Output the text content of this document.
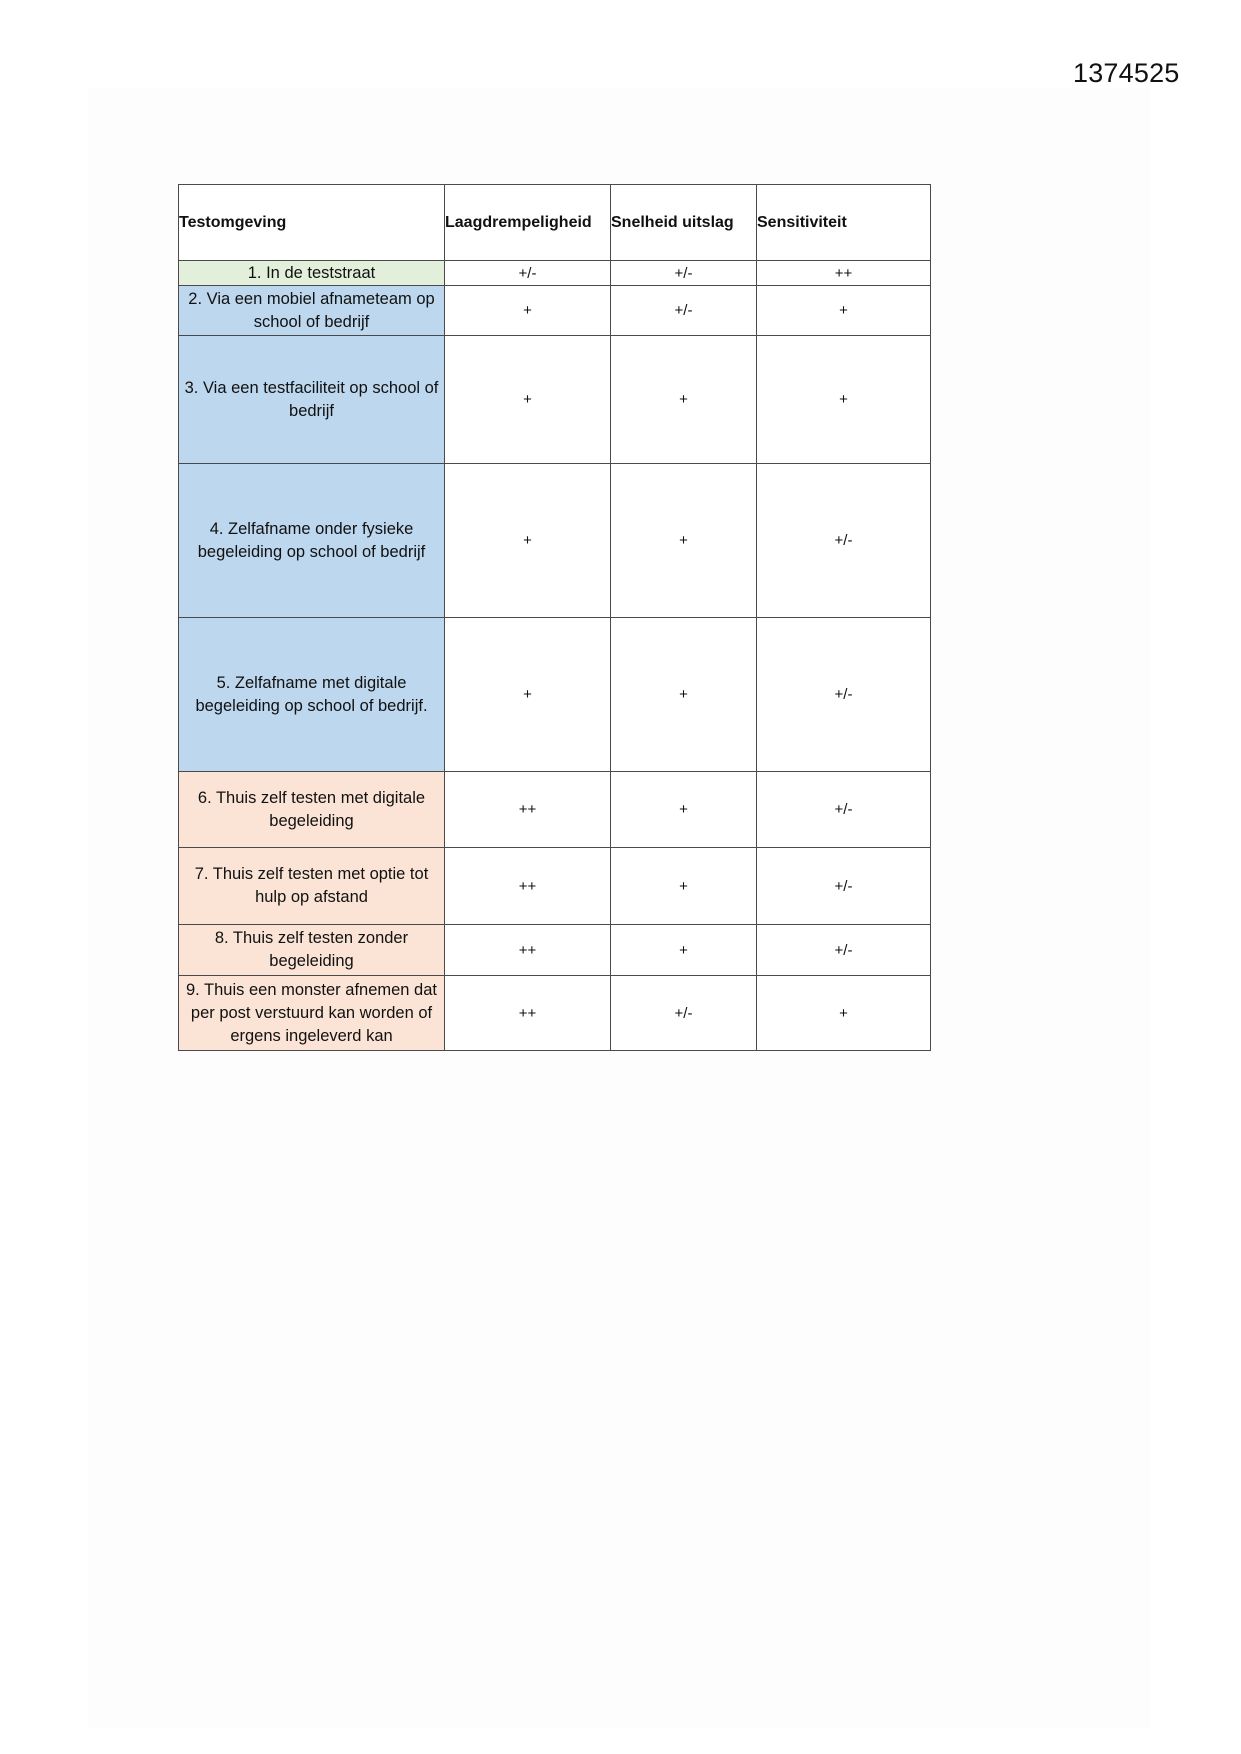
1374525
Testomgeving	Laagdrempeligheid	Snelheid uitslag	Sensitiviteit
1. In de teststraat	+/-	+/-	++
2. Via een mobiel afnameteam op school of bedrijf	+	+/-	+
3. Via een testfaciliteit op school of bedrijf	+	+	+
4. Zelfafname onder fysieke begeleiding op school of bedrijf	+	+	+/-
5. Zelfafname met digitale begeleiding op school of bedrijf.	+	+	+/-
6. Thuis zelf testen met digitale begeleiding	++	+	+/-
7. Thuis zelf testen met optie tot hulp op afstand	++	+	+/-
8. Thuis zelf testen zonder begeleiding	++	+	+/-
9. Thuis een monster afnemen dat per post verstuurd kan worden of ergens ingeleverd kan	++	+/-	+
